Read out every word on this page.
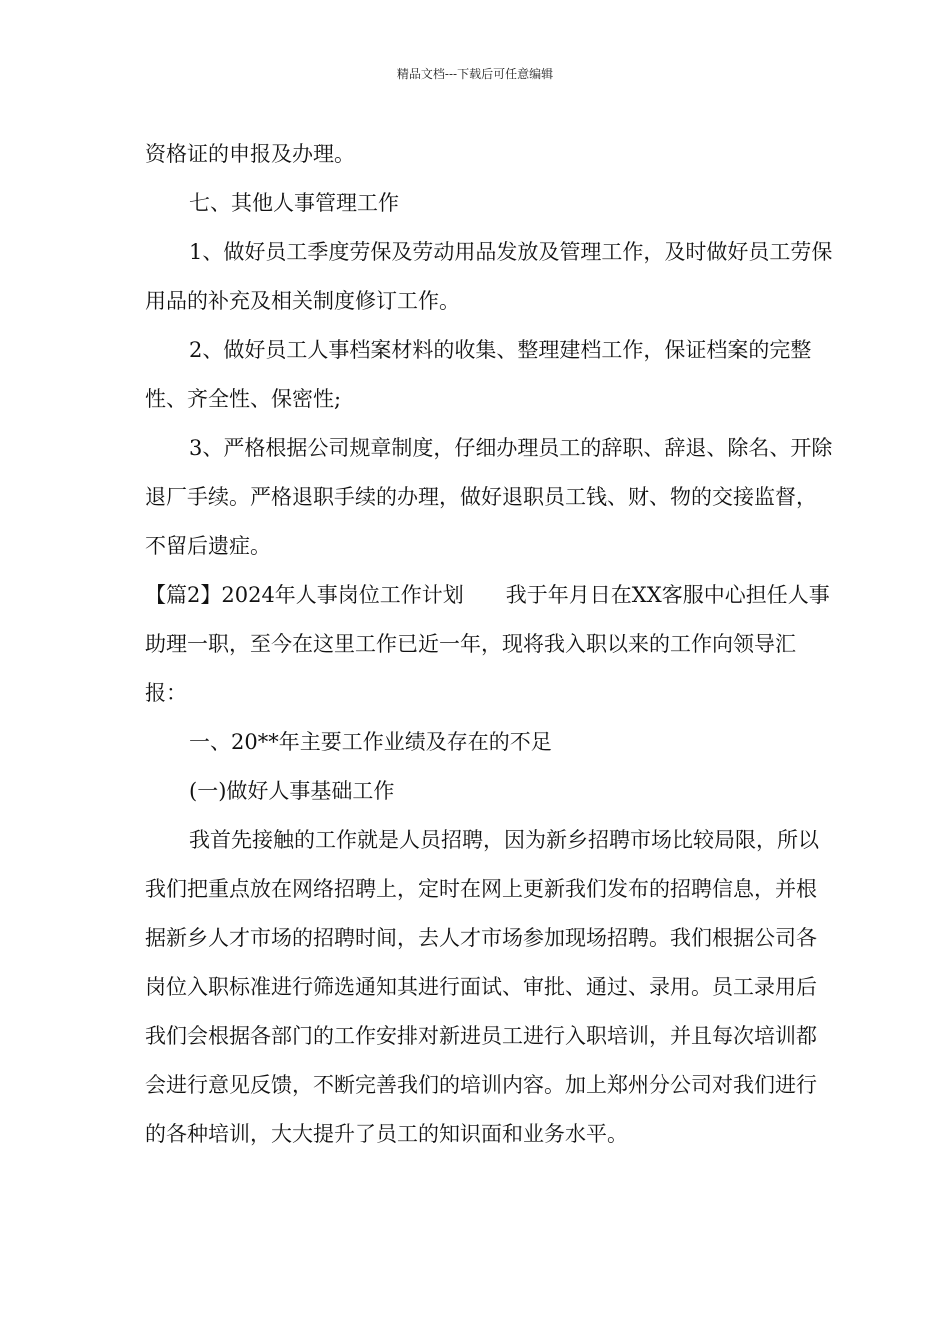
精品文档---下载后可任意编辑

资格证的申报及办理。

七、其他人事管理工作

1、做好员工季度劳保及劳动用品发放及管理工作，及时做好员工劳保用品的补充及相关制度修订工作。

2、做好员工人事档案材料的收集、整理建档工作，保证档案的完整性、齐全性、保密性;

3、严格根据公司规章制度，仔细办理员工的辞职、辞退、除名、开除退厂手续。严格退职手续的办理，做好退职员工钱、财、物的交接监督，不留后遗症。

【篇2】2024年人事岗位工作计划　　我于年月日在XX客服中心担任人事助理一职，至今在这里工作已近一年，现将我入职以来的工作向领导汇报：

一、20**年主要工作业绩及存在的不足

(一)做好人事基础工作

我首先接触的工作就是人员招聘，因为新乡招聘市场比较局限，所以我们把重点放在网络招聘上，定时在网上更新我们发布的招聘信息，并根据新乡人才市场的招聘时间，去人才市场参加现场招聘。我们根据公司各岗位入职标准进行筛选通知其进行面试、审批、通过、录用。员工录用后我们会根据各部门的工作安排对新进员工进行入职培训，并且每次培训都会进行意见反馈，不断完善我们的培训内容。加上郑州分公司对我们进行的各种培训，大大提升了员工的知识面和业务水平。
